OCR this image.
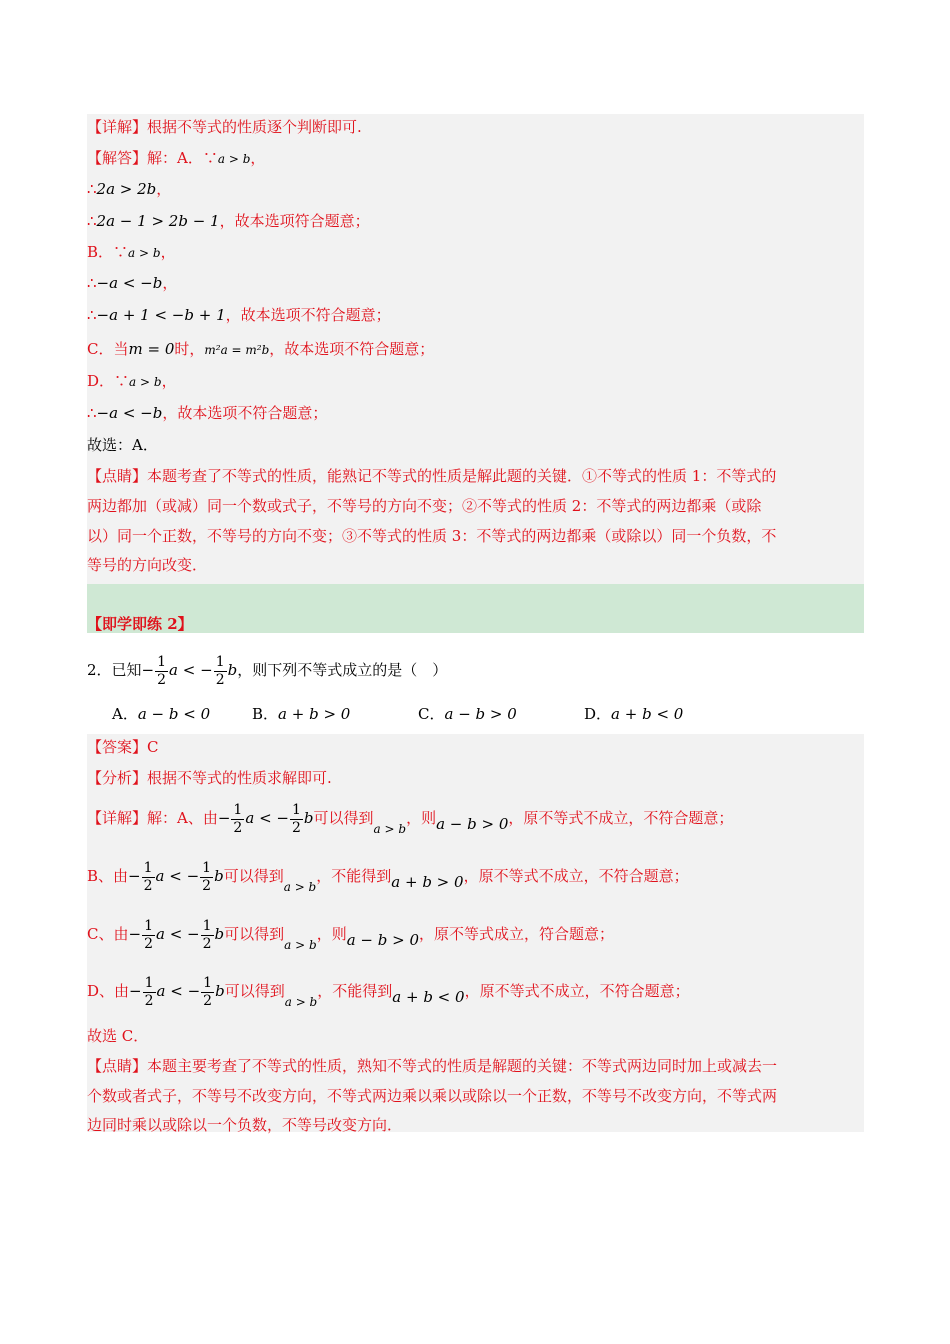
【详解】根据不等式的性质逐个判断即可.
【解答】解：A．∵a > b，
∴2a > 2b，
∴2a − 1 > 2b − 1，故本选项符合题意；
B．∵a > b，
∴−a < −b，
∴−a + 1 < −b + 1，故本选项不符合题意；
C．当m = 0时，m²a = m²b，故本选项不符合题意；
D．∵a > b，
∴−a < −b，故本选项不符合题意；
故选：A．
【点睛】本题考查了不等式的性质，能熟记不等式的性质是解此题的关键．①不等式的性质 1：不等式的
两边都加（或减）同一个数或式子，不等号的方向不变；②不等式的性质 2：不等式的两边都乘（或除
以）同一个正数，不等号的方向不变；③不等式的性质 3：不等式的两边都乘（或除以）同一个负数，不
等号的方向改变．
【即学即练 2】
2．已知− $\frac{1}{2}$ a < − $\frac{1}{2}$ b，则下列不等式成立的是（　）
A．a − b < 0	B．a + b > 0	C．a − b > 0	D．a + b < 0
【答案】C
【分析】根据不等式的性质求解即可.
【详解】解：A、由− $\frac{1}{2}$ a < − $\frac{1}{2}$ b可以得到a > b，则a − b > 0，原不等式不成立，不符合题意；
B、由− $\frac{1}{2}$ a < − $\frac{1}{2}$ b可以得到a > b，不能得到a + b > 0，原不等式不成立，不符合题意；
C、由− $\frac{1}{2}$ a < − $\frac{1}{2}$ b可以得到a > b，则a − b > 0，原不等式成立，符合题意；
D、由− $\frac{1}{2}$ a < − $\frac{1}{2}$ b可以得到a > b，不能得到a + b < 0，原不等式不成立，不符合题意；
故选 C．
【点睛】本题主要考查了不等式的性质，熟知不等式的性质是解题的关键：不等式两边同时加上或减去一
个数或者式子，不等号不改变方向，不等式两边乘以乘以或除以一个正数，不等号不改变方向，不等式两
边同时乘以或除以一个负数，不等号改变方向．
